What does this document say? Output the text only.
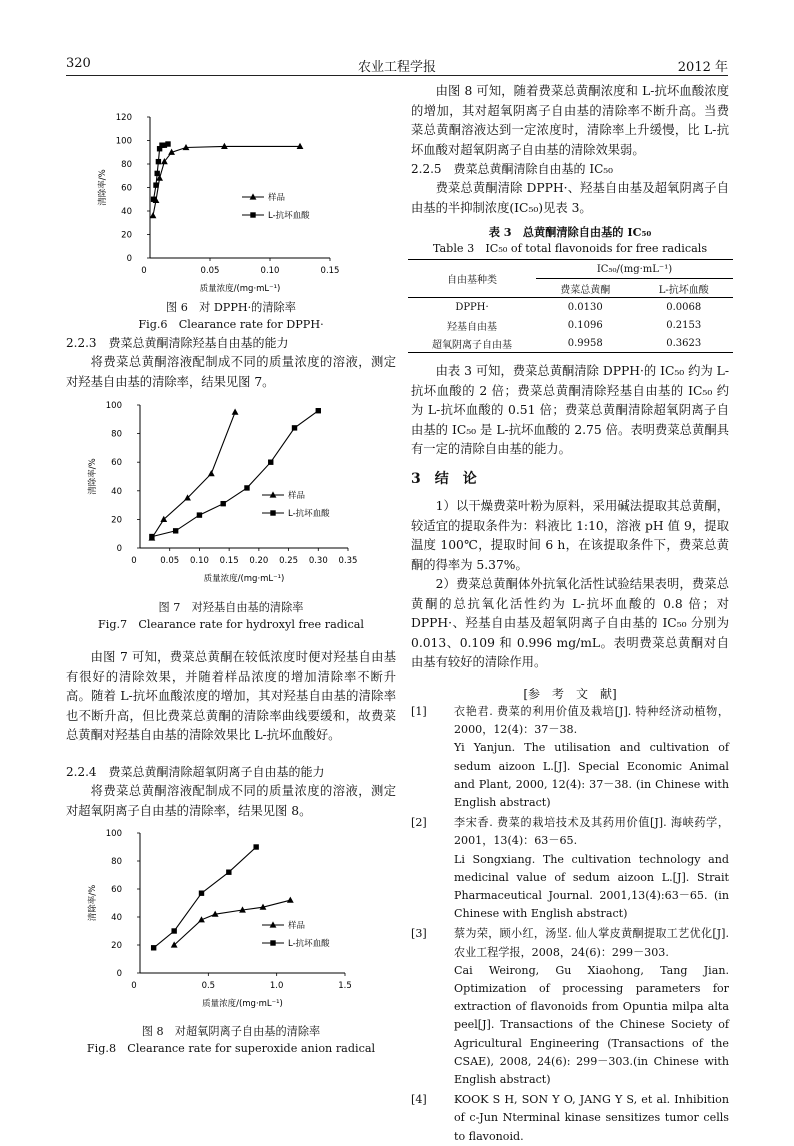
320	农业工程学报	2012 年
0
20
40
60
80
100
120
0.05	0.10	0.15
0
质量浓度/(mg·mL⁻¹)
清除率/%	样品
L-抗坏血酸
图 6　对 DPPH·的清除率
Fig.6　Clearance rate for DPPH·
2.2.3　费菜总黄酮清除羟基自由基的能力

将费菜总黄酮溶液配制成不同的质量浓度的溶液，测定对羟基自由基的清除率，结果见图 7。

0
20
40
60
80
100
0.05 0.10 0.15 0.20 0.25 0.30 0.35
0
质量浓度/(mg·mL⁻¹)
清除率/%
样品
L-抗坏血酸
图 7　对羟基自由基的清除率
Fig.7　Clearance rate for hydroxyl free radical

由图 7 可知，费菜总黄酮在较低浓度时便对羟基自由基有很好的清除效果，并随着样品浓度的增加清除率不断升高。随着 L-抗坏血酸浓度的增加，其对羟基自由基的清除率也不断升高，但比费菜总黄酮的清除率曲线要缓和，故费菜总黄酮对羟基自由基的清除效果比 L-抗坏血酸好。

2.2.4　费菜总黄酮清除超氧阴离子自由基的能力

将费菜总黄酮溶液配制成不同的质量浓度的溶液，测定对超氧阴离子自由基的清除率，结果见图 8。

0
20
40
60
80
100
0.5	1.0	1.5
0
质量浓度/(mg·mL⁻¹)
清除率/%
样品
L-抗坏血酸
图 8　对超氧阴离子自由基的清除率
Fig.8　Clearance rate for superoxide anion radical

由图 8 可知，随着费菜总黄酮浓度和 L-抗坏血酸浓度的增加，其对超氧阴离子自由基的清除率不断升高。当费菜总黄酮溶液达到一定浓度时，清除率上升缓慢，比 L-抗坏血酸对超氧阴离子自由基的清除效果弱。

2.2.5　费菜总黄酮清除自由基的 IC₅₀

费菜总黄酮清除 DPPH·、羟基自由基及超氧阴离子自由基的半抑制浓度(IC₅₀)见表 3。

表 3　总黄酮清除自由基的 IC₅₀
Table 3　IC₅₀ of total flavonoids for free radicals
自由基种类	IC₅₀/(mg·mL⁻¹)	
	费菜总黄酮	L-抗坏血酸
DPPH·	0.0130	0.0068
羟基自由基	0.1096	0.2153
超氧阴离子自由基	0.9958	0.3623

由表 3 可知，费菜总黄酮清除 DPPH·的 IC₅₀ 约为 L-抗坏血酸的 2 倍；费菜总黄酮清除羟基自由基的 IC₅₀ 约为 L-抗坏血酸的 0.51 倍；费菜总黄酮清除超氧阴离子自由基的 IC₅₀ 是 L-抗坏血酸的 2.75 倍。表明费菜总黄酮具有一定的清除自由基的能力。

3　结　论

1）以干燥费菜叶粉为原料，采用碱法提取其总黄酮，较适宜的提取条件为：料液比 1:10，溶液 pH 值 9，提取温度 100℃，提取时间 6 h，在该提取条件下，费菜总黄酮的得率为 5.37%。

2）费菜总黄酮体外抗氧化活性试验结果表明，费菜总黄酮的总抗氧化活性约为 L-抗坏血酸的 0.8 倍；对 DPPH·、羟基自由基及超氧阴离子自由基的 IC₅₀ 分别为 0.013、0.109 和 0.996 mg/mL。表明费菜总黄酮对自由基有较好的清除作用。

[参　考　文　献]
[1] 衣艳君. 费菜的利用价值及栽培[J]. 特种经济动植物，2000，12(4)：37－38.
Yi Yanjun. The utilisation and cultivation of sedum aizoon L.[J]. Special Economic Animal and Plant, 2000, 12(4): 37－38. (in Chinese with English abstract)
[2] 李宋香. 费菜的栽培技术及其药用价值[J]. 海峡药学，2001，13(4)：63－65.
Li Songxiang. The cultivation technology and medicinal value of sedum aizoon L.[J]. Strait Pharmaceutical Journal. 2001,13(4):63－65. (in Chinese with English abstract)
[3] 蔡为荣，顾小红，汤坚. 仙人掌皮黄酮提取工艺优化[J]. 农业工程学报，2008，24(6)：299－303.
Cai Weirong, Gu Xiaohong, Tang Jian. Optimization of processing parameters for extraction of flavonoids from Opuntia milpa alta peel[J]. Transactions of the Chinese Society of Agricultural Engineering (Transactions of the CSAE), 2008, 24(6): 299－303.(in Chinese with English abstract)
[4] KOOK S H, SON Y O, JANG Y S, et al. Inhibition of c-Jun Nterminal kinase sensitizes tumor cells to flavonoid.
